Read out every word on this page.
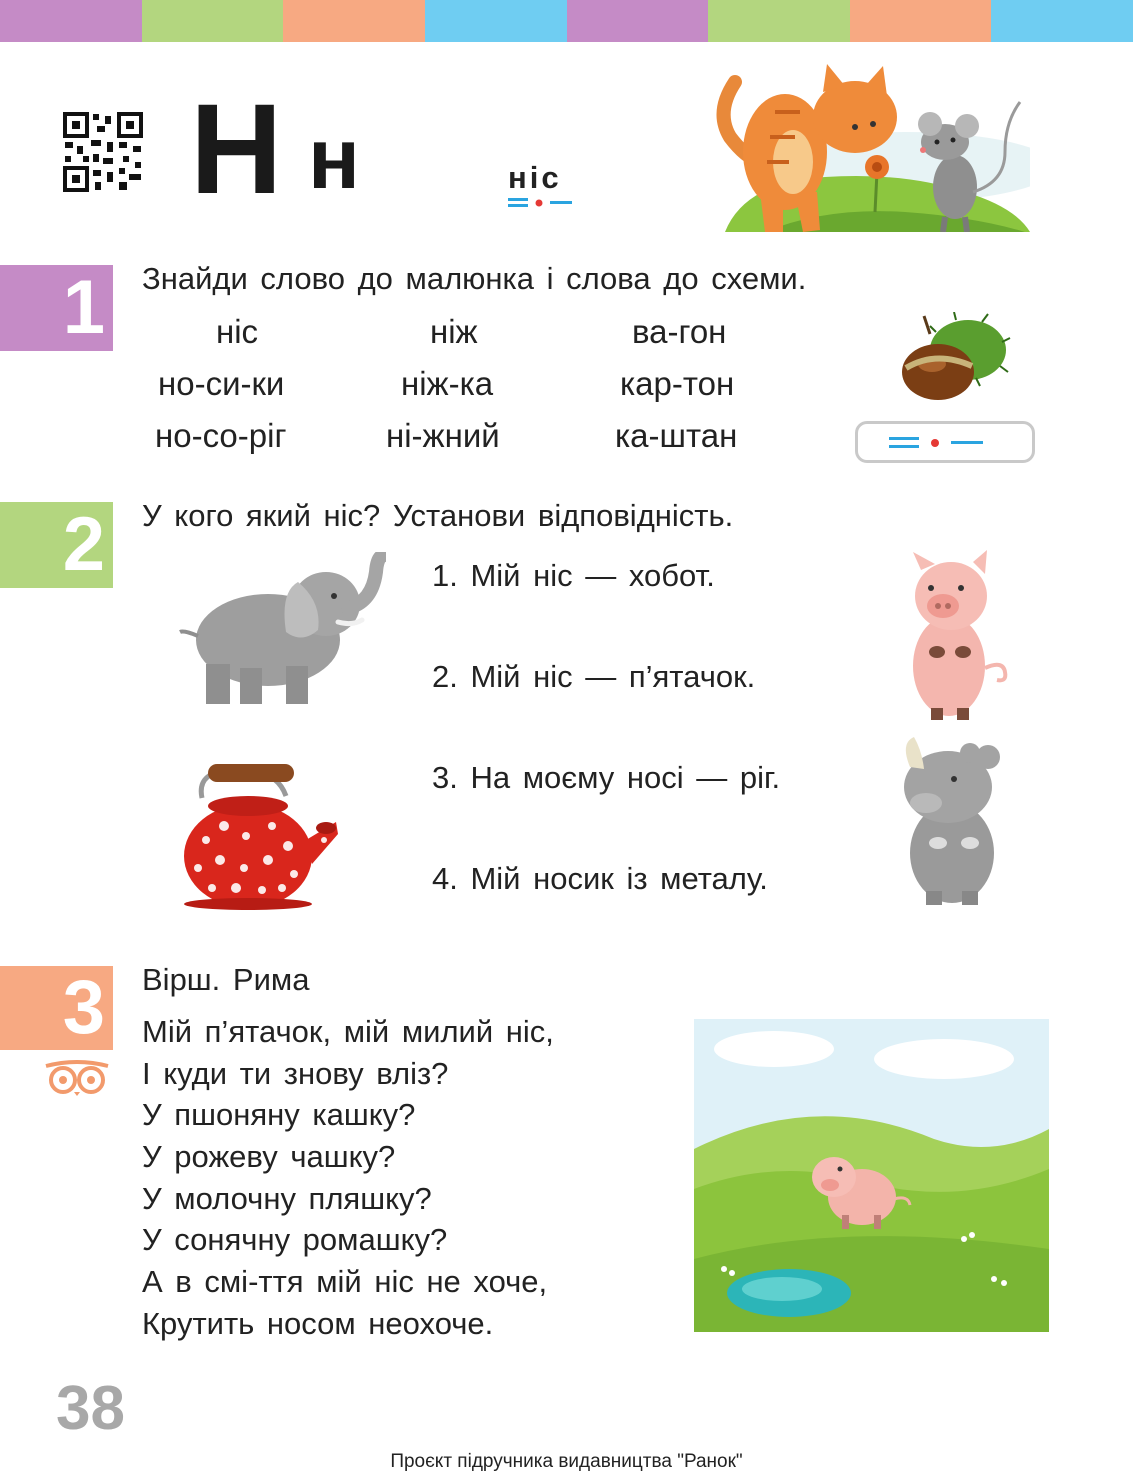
Н н	ніс
1 Знайди слово до малюнка і слова до схеми.
ніс
но-си-ки
но-со-ріг
ніж
ніж-ка
ні-жний
ва-гон
кар-тон
ка-штан
2 У кого який ніс? Установи відповідність.
1. Мій ніс — хобот.
2. Мій ніс — п’ятачок.
3. На моєму носі — ріг.
4. Мій носик із металу.
3 Вірш. Рима
Мій п’ятачок, мій милий ніс,
І куди ти знову вліз?
У пшоняну кашку?
У рожеву чашку?
У молочну пляшку?
У сонячну ромашку?
А в смі-ття мій ніс не хоче,
Крутить носом неохоче.
38
Проєкт підручника видавництва "Ранок"
